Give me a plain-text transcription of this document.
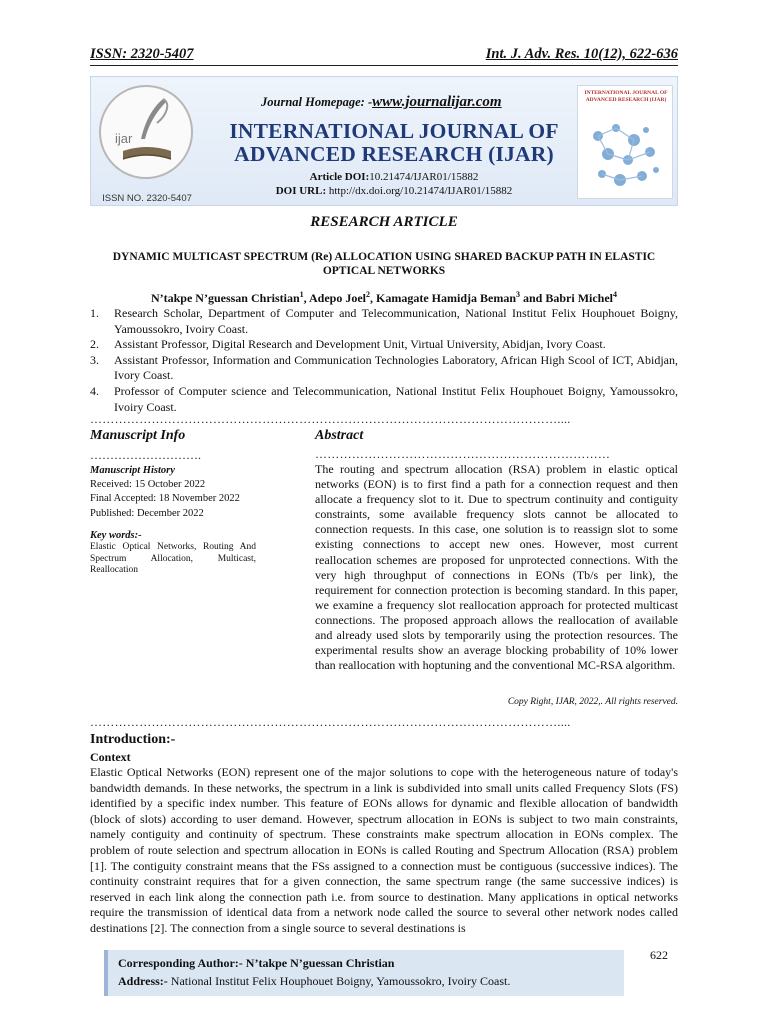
ISSN: 2320-5407	Int. J. Adv. Res. 10(12), 622-636
ijar
ISSN NO. 2320-5407
Journal Homepage: -www.journalijar.com
INTERNATIONAL JOURNAL OF ADVANCED RESEARCH (IJAR)
Article DOI:10.21474/IJAR01/15882
DOI URL: http://dx.doi.org/10.21474/IJAR01/15882
INTERNATIONAL JOURNAL OF ADVANCED RESEARCH (IJAR)
RESEARCH ARTICLE
DYNAMIC MULTICAST SPECTRUM (Re) ALLOCATION USING SHARED BACKUP PATH IN ELASTIC OPTICAL NETWORKS
N’takpe N’guessan Christian$^1$, Adepo Joel$^2$, Kamagate Hamidja Beman$^3$ and Babri Michel$^4$
1. Research Scholar, Department of Computer and Telecommunication, National Institut Felix Houphouet Boigny, Yamoussokro, Ivoiry Coast.
2. Assistant Professor, Digital Research and Development Unit, Virtual University, Abidjan, Ivory Coast.
3. Assistant Professor, Information and Communication Technologies Laboratory, African High Scool of ICT, Abidjan, Ivory Coast.
4. Professor of Computer science and Telecommunication, National Institut Felix Houphouet Boigny, Yamoussokro, Ivoiry Coast.
……………………………………………………………………………………………………....
Manuscript Info
……………………….
Manuscript History
Received: 15 October 2022
Final Accepted: 18 November 2022
Published: December 2022
Key words:-
Elastic Optical Networks, Routing And Spectrum Allocation, Multicast, Reallocation
Abstract
………………………………………………………………
The routing and spectrum allocation (RSA) problem in elastic optical networks (EON) is to first find a path for a connection request and then allocate a frequency slot to it. Due to spectrum continuity and contiguity constraints, some available frequency slots cannot be allocated to connection requests. In this case, one solution is to reassign slot to some existing connections to accept new ones. However, most current reallocation schemes are proposed for unprotected connections. With the very high throughput of connections in EONs (Tb/s per link), the requirement for connection protection is becoming standard. In this paper, we examine a frequency slot reallocation approach for protected multicast connections. The proposed approach allows the reallocation of available and already used slots by temporarily using the protection resources. The experimental results show an average blocking probability of 10% lower than reallocation with hoptuning and the conventional MC-RSA algorithm.
Copy Right, IJAR, 2022,. All rights reserved.
……………………………………………………………………………………………………....
Introduction:-
Context
Elastic Optical Networks (EON) represent one of the major solutions to cope with the heterogeneous nature of today's bandwidth demands. In these networks, the spectrum in a link is subdivided into small units called Frequency Slots (FS) identified by a specific index number. This feature of EONs allows for dynamic and flexible allocation of bandwidth (block of slots) according to user demand. However, spectrum allocation in EONs is subject to two main constraints, namely contiguity and continuity of spectrum. These constraints make spectrum allocation in EONs complex. The problem of route selection and spectrum allocation in EONs is called Routing and Spectrum Allocation (RSA) problem [1]. The contiguity constraint means that the FSs assigned to a connection must be contiguous (successive indices). The continuity constraint requires that for a given connection, the same spectrum range (the same successive indices) is reserved in each link along the connection path i.e. from source to destination. Many applications in optical networks require the transmission of identical data from a network node called the source to several other network nodes called destinations [2]. The connection from a single source to several destinations is
622
Corresponding Author:- N’takpe N’guessan Christian
Address:- National Institut Felix Houphouet Boigny, Yamoussokro, Ivoiry Coast.
